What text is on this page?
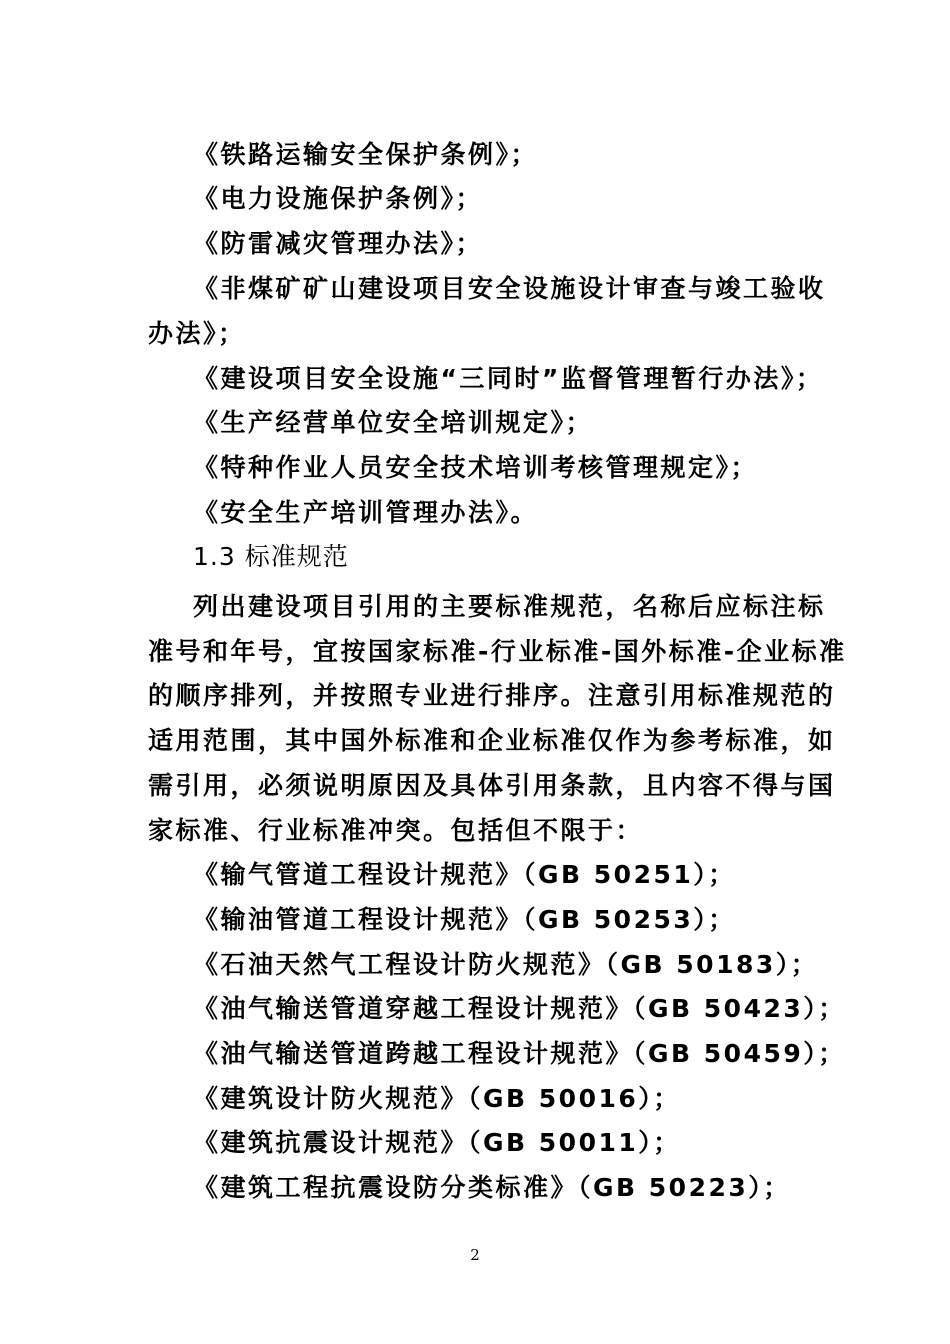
《铁路运输安全保护条例》；
《电力设施保护条例》；
《防雷减灾管理办法》；
《非煤矿矿山建设项目安全设施设计审查与竣工验收
办法》；
《建设项目安全设施“三同时”监督管理暂行办法》；
《生产经营单位安全培训规定》；
《特种作业人员安全技术培训考核管理规定》；
《安全生产培训管理办法》。
1.3 标准规范
列出建设项目引用的主要标准规范，名称后应标注标
准号和年号，宜按国家标准-行业标准-国外标准-企业标准
的顺序排列，并按照专业进行排序。注意引用标准规范的
适用范围，其中国外标准和企业标准仅作为参考标准，如
需引用，必须说明原因及具体引用条款，且内容不得与国
家标准、行业标准冲突。包括但不限于：
《输气管道工程设计规范》（GB 50251）；
《输油管道工程设计规范》（GB 50253）；
《石油天然气工程设计防火规范》（GB 50183）；
《油气输送管道穿越工程设计规范》（GB 50423）；
《油气输送管道跨越工程设计规范》（GB 50459）；
《建筑设计防火规范》（GB 50016）；
《建筑抗震设计规范》（GB 50011）；
《建筑工程抗震设防分类标准》（GB 50223）；
2
